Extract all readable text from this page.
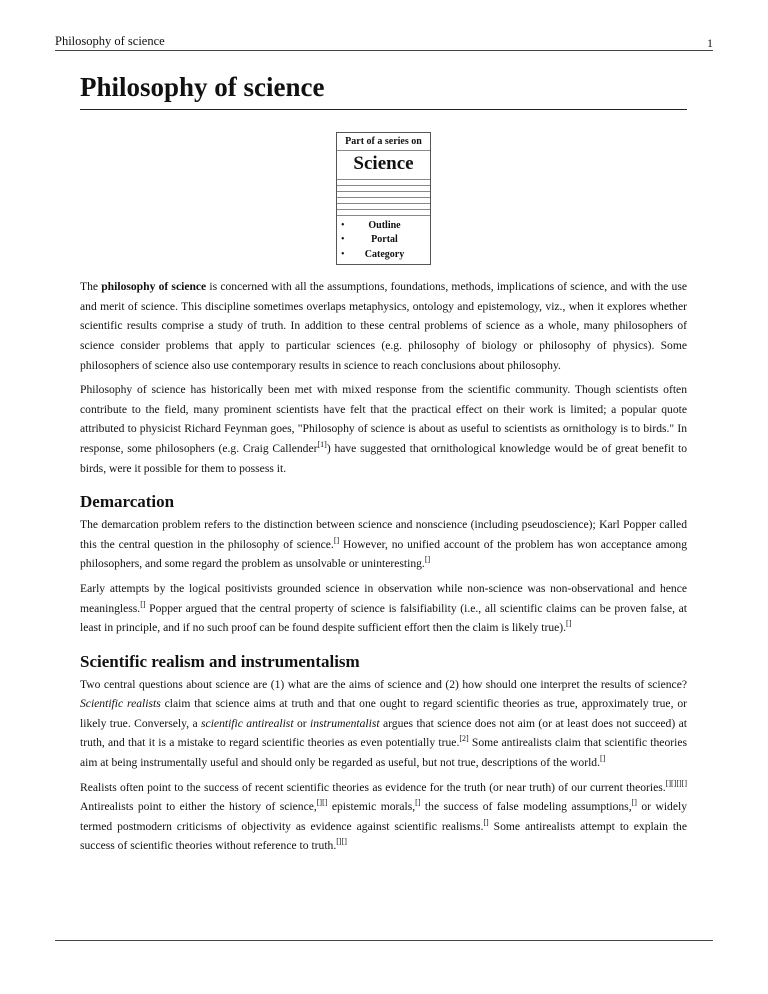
Philosophy of science	1
Philosophy of science
Part of a series on
Science
• Outline
• Portal
• Category

The philosophy of science is concerned with all the assumptions, foundations, methods, implications of science, and with the use and merit of science. This discipline sometimes overlaps metaphysics, ontology and epistemology, viz., when it explores whether scientific results comprise a study of truth. In addition to these central problems of science as a whole, many philosophers of science consider problems that apply to particular sciences (e.g. philosophy of biology or philosophy of physics). Some philosophers of science also use contemporary results in science to reach conclusions about philosophy.

Philosophy of science has historically been met with mixed response from the scientific community. Though scientists often contribute to the field, many prominent scientists have felt that the practical effect on their work is limited; a popular quote attributed to physicist Richard Feynman goes, "Philosophy of science is about as useful to scientists as ornithology is to birds." In response, some philosophers (e.g. Craig Callender[1]) have suggested that ornithological knowledge would be of great benefit to birds, were it possible for them to possess it.

Demarcation

The demarcation problem refers to the distinction between science and nonscience (including pseudoscience); Karl Popper called this the central question in the philosophy of science.[] However, no unified account of the problem has won acceptance among philosophers, and some regard the problem as unsolvable or uninteresting.[]

Early attempts by the logical positivists grounded science in observation while non-science was non-observational and hence meaningless.[] Popper argued that the central property of science is falsifiability (i.e., all scientific claims can be proven false, at least in principle, and if no such proof can be found despite sufficient effort then the claim is likely true).[]

Scientific realism and instrumentalism

Two central questions about science are (1) what are the aims of science and (2) how should one interpret the results of science? Scientific realists claim that science aims at truth and that one ought to regard scientific theories as true, approximately true, or likely true. Conversely, a scientific antirealist or instrumentalist argues that science does not aim (or at least does not succeed) at truth, and that it is a mistake to regard scientific theories as even potentially true.[2] Some antirealists claim that scientific theories aim at being instrumentally useful and should only be regarded as useful, but not true, descriptions of the world.[]

Realists often point to the success of recent scientific theories as evidence for the truth (or near truth) of our current theories.[][][][] Antirealists point to either the history of science,[][] epistemic morals,[] the success of false modeling assumptions,[] or widely termed postmodern criticisms of objectivity as evidence against scientific realisms.[] Some antirealists attempt to explain the success of scientific theories without reference to truth.[][]
